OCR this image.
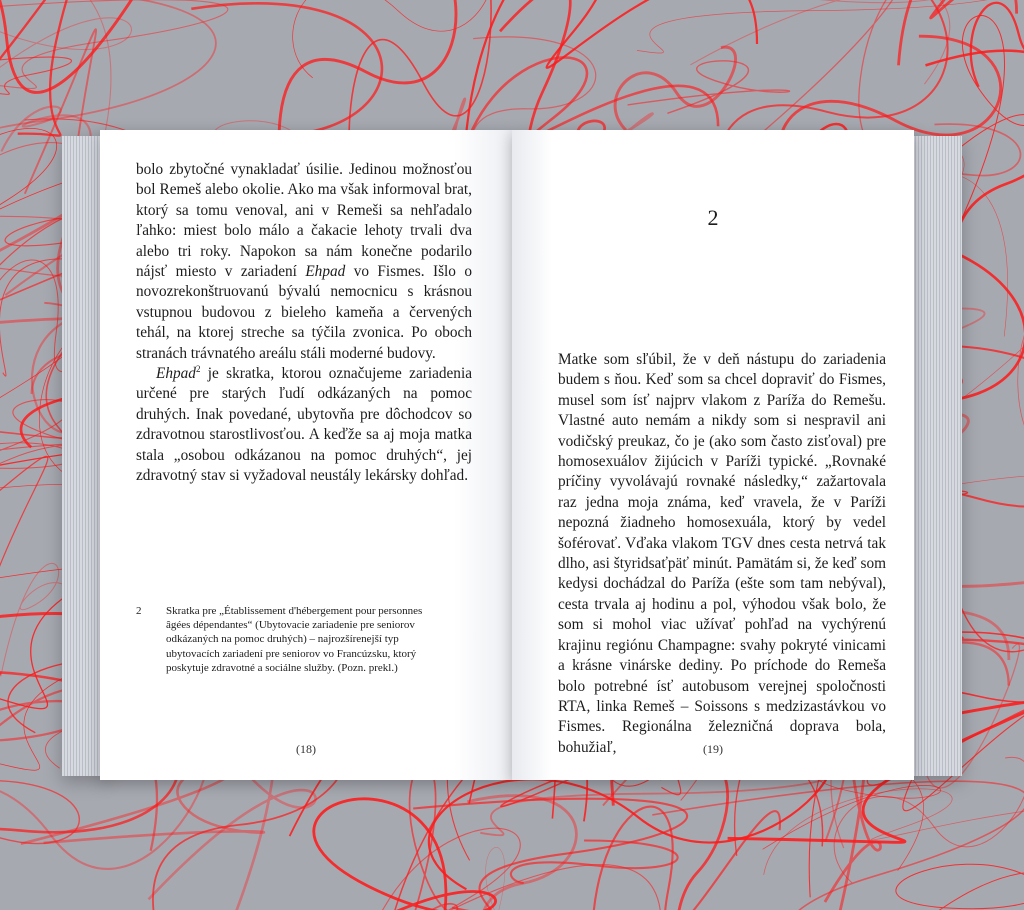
bolo zbytočné vynakladať úsilie. Jedinou možnosťou bol Remeš alebo okolie. Ako ma však informoval brat, ktorý sa tomu venoval, ani v Remeši sa nehľadalo ľahko: miest bolo málo a čakacie lehoty trvali dva alebo tri roky. Napokon sa nám konečne podarilo nájsť miesto v zariadení Ehpad vo Fismes. Išlo o novozrekonštruovanú bývalú nemocnicu s krásnou vstupnou budovou z bieleho kameňa a červených tehál, na ktorej streche sa týčila zvonica. Po oboch stranách trávnatého areálu stáli moderné budovy.

Ehpad$^2$ je skratka, ktorou označujeme zariadenia určené pre starých ľudí odkázaných na pomoc druhých. Inak povedané, ubytovňa pre dôchodcov so zdravotnou starostlivosťou. A keďže sa aj moja matka stala „osobou odkázanou na pomoc druhých“, jej zdravotný stav si vyžadoval neustály lekársky dohľad.

2 Skratka pre „Établissement d'hébergement pour personnes âgées dépendantes“ (Ubytovacie zariadenie pre seniorov odkázaných na pomoc druhých) – najrozšírenejší typ ubytovacích zariadení pre seniorov vo Francúzsku, ktorý poskytuje zdravotné a sociálne služby. (Pozn. prekl.)
(18)
2

Matke som sľúbil, že v deň nástupu do zariadenia budem s ňou. Keď som sa chcel dopraviť do Fismes, musel som ísť najprv vlakom z Paríža do Remešu. Vlastné auto nemám a nikdy som si nespravil ani vodičský preukaz, čo je (ako som často zisťoval) pre homosexuálov žijúcich v Paríži typické. „Rovnaké príčiny vyvolávajú rovnaké následky,“ zažartovala raz jedna moja známa, keď vravela, že v Paríži nepozná žiadneho homosexuála, ktorý by vedel šoférovať. Vďaka vlakom TGV dnes cesta netrvá tak dlho, asi štyridsaťpäť minút. Pamätám si, že keď som kedysi dochádzal do Paríža (ešte som tam nebýval), cesta trvala aj hodinu a pol, výhodou však bolo, že som si mohol viac užívať pohľad na vychýrenú krajinu regiónu Champagne: svahy pokryté vinicami a krásne vinárske dediny. Po príchode do Remeša bolo potrebné ísť autobusom verejnej spoločnosti RTA, linka Remeš – Soissons s medzizastávkou vo Fismes. Regionálna železničná doprava bola, bohužiaľ,	(19)
